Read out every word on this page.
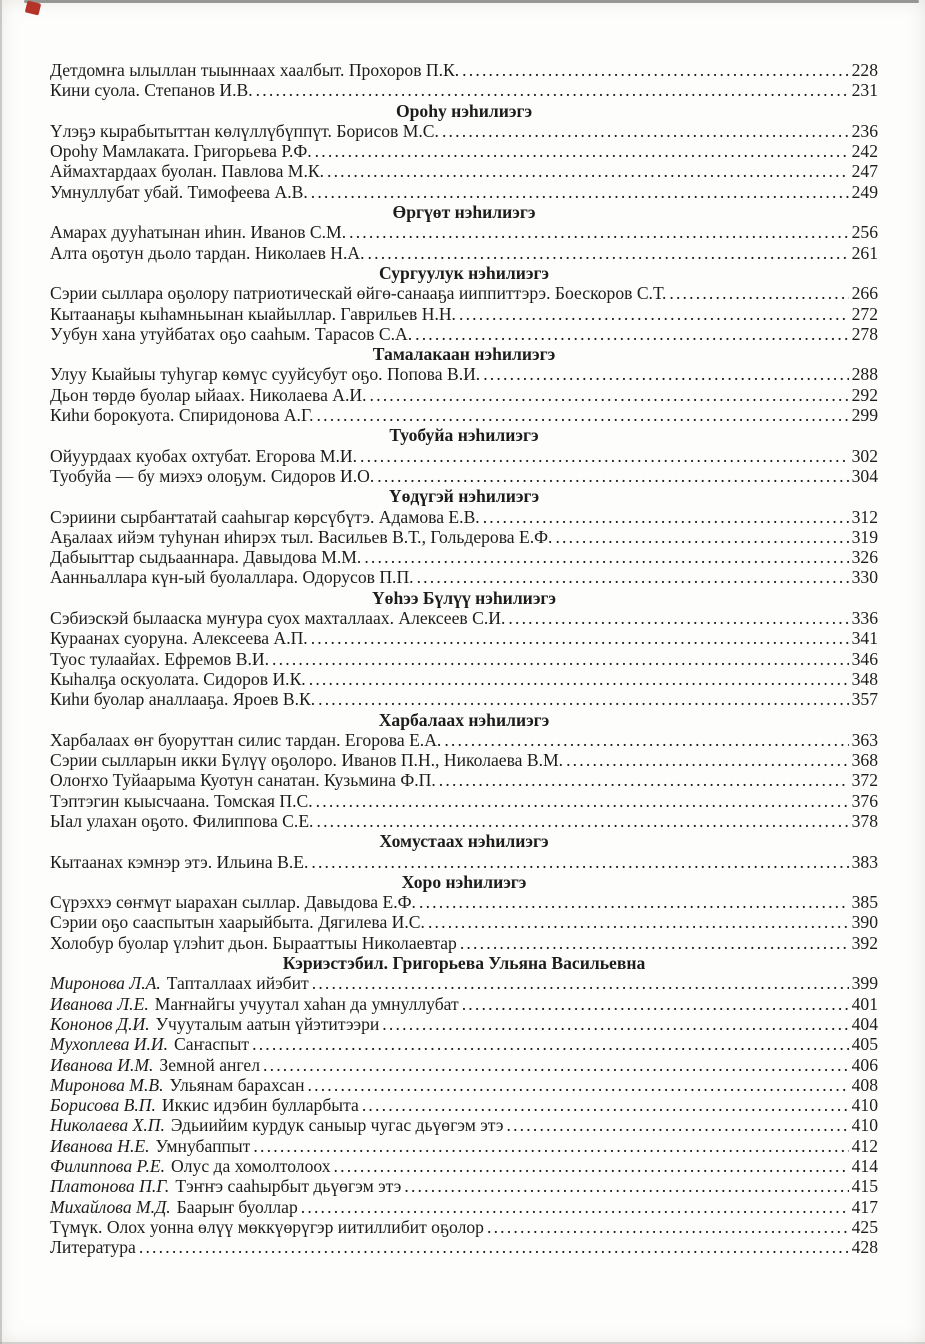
Детдомҥа ылыллан тыыннаах хаалбыт. Прохоров П.К. .....	228
Кини суола. Степанов И.В. .....	231
Ороһу нэһилиэгэ
Үлэҕэ кырабытыттан көлүллүбүппүт. Борисов М.С. .....	236
Ороһу Мамлаката. Григорьева Р.Ф. .....	242
Аймахтардаах буолан. Павлова М.К. .....	247
Умнуллубат убай. Тимофеева А.В. .....	249
Өргүөт нэһилиэгэ
Амарах дууһатынан иһин. Иванов С.М. .....	256
Алта оҕотун дьоло тардан. Николаев Н.А. .....	261
Сургуулук нэһилиэгэ
Сэрии сыллара оҕолору патриотическай өйгө-санааҕа ииппиттэрэ. Боескоров С.Т. .....	266
Кытаанаҕы кыһамньынан кыайыллар. Гаврильев Н.Н. .....	272
Уубун хана утуйбатах оҕо сааһым. Тарасов С.А. .....	278
Тамалакаан нэһилиэгэ
Улуу Кыайыы туһугар көмүс сууйсубут оҕо. Попова В.И. .....	288
Дьон төрдө буолар ыйаах. Николаева А.И. .....	292
Киһи борокуота. Спиридонова А.Г. .....	299
Туобуйа нэһилиэгэ
Ойуурдаах куобах охтубат. Егорова М.И. .....	302
Туобуйа — бу миэхэ олоҕум. Сидоров И.О. .....	304
Үөдүгэй нэһилиэгэ
Сэриини сырбаҥтатай сааһыгар көрсүбүтэ. Адамова Е.В. .....	312
Аҕалаах ийэм туһунан иһирэх тыл. Васильев В.Т., Гольдерова Е.Ф. .....	319
Дабыыттар сыдьааннара. Давыдова М.М. .....	326
Аанньаллара күн-ый буолаллара. Одорусов П.П. .....	330
Үөһээ Бүлүү нэһилиэгэ
Сэбиэскэй былааска муҥура суох махталлаах. Алексеев С.И. .....	336
Кураанах суоруна. Алексеева А.П. .....	341
Туос тулаайах. Ефремов В.И. .....	346
Кыһалҕа оскуолата. Сидоров И.К. .....	348
Киһи буолар аналлааҕа. Яроев В.К. .....	357
Харбалаах нэһилиэгэ
Харбалаах өҥ буоруттан силис тардан. Егорова Е.А. .....	363
Сэрии сылларын икки Бүлүү оҕолоро. Иванов П.Н., Николаева В.М. .....	368
Олоҥхо Туйаарыма Куотун санатан. Кузьмина Ф.П. .....	372
Тэптэгин кыысчаана. Томская П.С. .....	376
Ыал улахан оҕото. Филиппова С.Е. .....	378
Хомустаах нэһилиэгэ
Кытаанах кэмнэр этэ. Ильина В.Е. .....	383
Хоро нэһилиэгэ
Сүрэххэ сөҥмүт ыарахан сыллар. Давыдова Е.Ф. .....	385
Сэрии оҕо сааспытын хаарыйбыта. Дягилева И.С. .....	390
Холобур буолар үлэһит дьон. Бырааттыы Николаевтар .....	392
Кэриэстэбил. Григорьева Ульяна Васильевна
Миронова Л.А. Тапталлаах ийэбит .....	399
Иванова Л.Е. Маҥнайгы учуутал хаһан да умнуллубат .....	401
Кононов Д.И. Учууталым аатын үйэтитээри .....	404
Мухоплева И.И. Саҥаспыт .....	405
Иванова И.М. Земной ангел .....	406
Миронова М.В. Ульянам барахсан .....	408
Борисова В.П. Иккис идэбин булларбыта .....	410
Николаева Х.П. Эдьиийим курдук саныыр чугас дьүөгэм этэ .....	410
Иванова Н.Е. Умнубаппыт .....	412
Филиппова Р.Е. Олус да хомолтолоох .....	414
Платонова П.Г. Тэҥҥэ сааһырбыт дьүөгэм этэ .....	415
Михайлова М.Д. Баарыҥ буоллар .....	417
Түмүк. Олох уонна өлүү мөккүөрүгэр иитиллибит оҕолор .....	425
Литература .....	428
